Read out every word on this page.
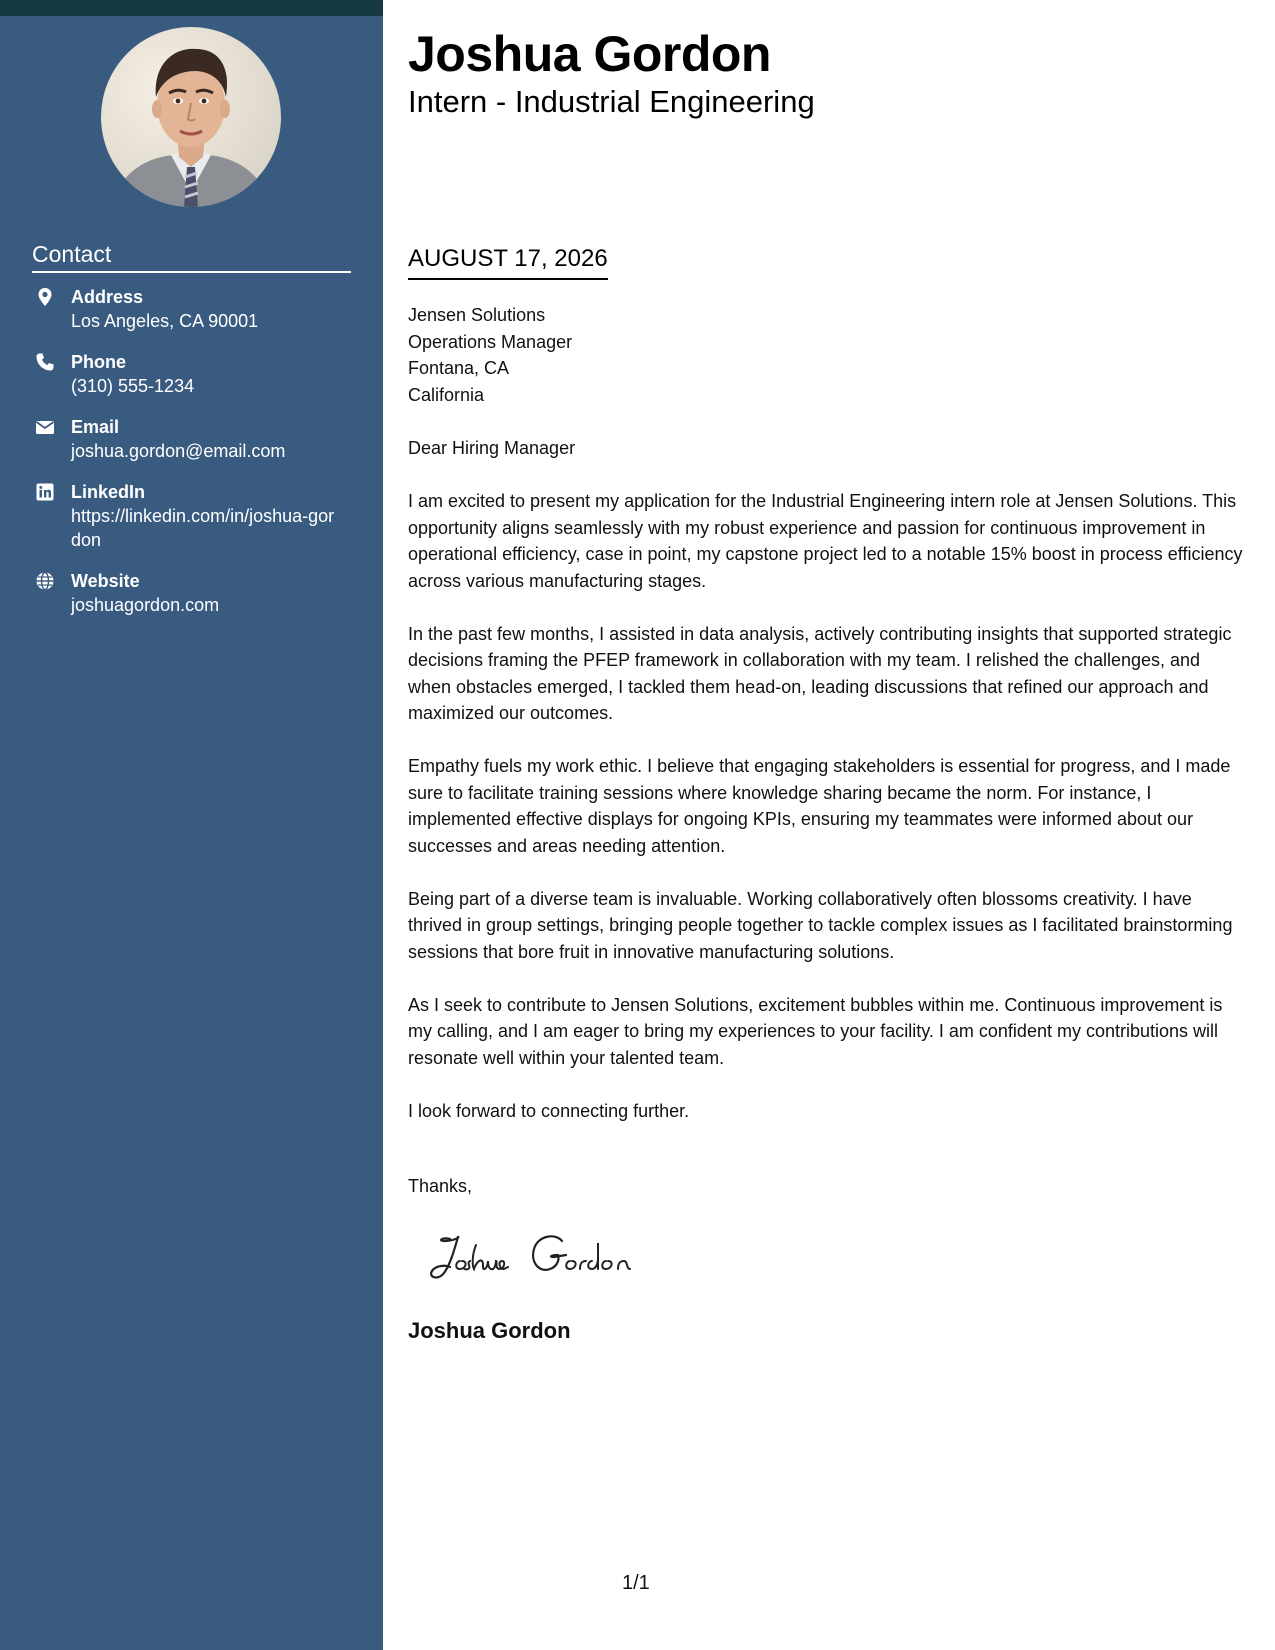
Contact
Address
Los Angeles, CA 90001
Phone
(310) 555-1234
Email
joshua.gordon@email.com
LinkedIn
https://linkedin.com/in/joshua-gordon
Website
joshuagordon.com
Joshua Gordon
Intern - Industrial Engineering
AUGUST 17, 2026
Jensen Solutions
Operations Manager
Fontana, CA
California
Dear Hiring Manager

I am excited to present my application for the Industrial Engineering intern role at Jensen Solutions. This opportunity aligns seamlessly with my robust experience and passion for continuous improvement in operational efficiency, case in point, my capstone project led to a notable 15% boost in process efficiency across various manufacturing stages.

In the past few months, I assisted in data analysis, actively contributing insights that supported strategic decisions framing the PFEP framework in collaboration with my team. I relished the challenges, and when obstacles emerged, I tackled them head-on, leading discussions that refined our approach and maximized our outcomes.

Empathy fuels my work ethic. I believe that engaging stakeholders is essential for progress, and I made sure to facilitate training sessions where knowledge sharing became the norm. For instance, I implemented effective displays for ongoing KPIs, ensuring my teammates were informed about our successes and areas needing attention.

Being part of a diverse team is invaluable. Working collaboratively often blossoms creativity. I have thrived in group settings, bringing people together to tackle complex issues as I facilitated brainstorming sessions that bore fruit in innovative manufacturing solutions.

As I seek to contribute to Jensen Solutions, excitement bubbles within me. Continuous improvement is my calling, and I am eager to bring my experiences to your facility. I am confident my contributions will resonate well within your talented team.

I look forward to connecting further.

Thanks,
Joshua Gordon
1/1
